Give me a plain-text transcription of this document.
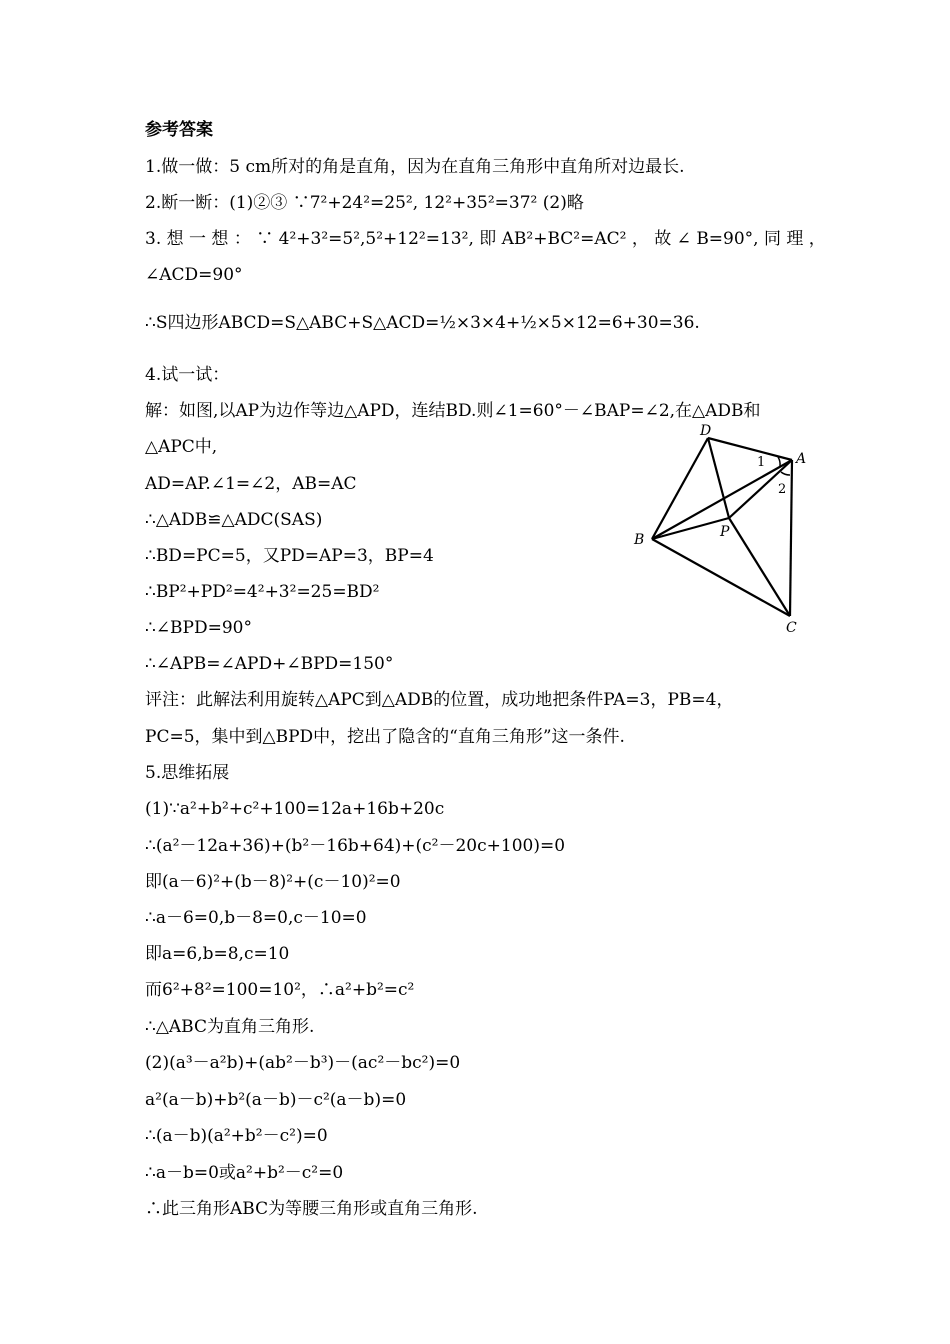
参考答案
1.做一做：5 cm所对的角是直角，因为在直角三角形中直角所对边最长.
2.断一断：(1)②③ ∵7²+24²=25², 12²+35²=37² (2)略
3. 想 一 想 ： ∵ 4²+3²=5²,5²+12²=13², 即 AB²+BC²=AC² ， 故 ∠ B=90°, 同 理 ，
∠ACD=90°
∴S四边形ABCD=S△ABC+S△ACD=½×3×4+½×5×12=6+30=36.
4.试一试：
解：如图,以AP为边作等边△APD，连结BD.则∠1=60°－∠BAP=∠2,在△ADB和
△APC中,
AD=AP.∠1=∠2，AB=AC
∴△ADB≌△ADC(SAS)
∴BD=PC=5，又PD=AP=3，BP=4
∴BP²+PD²=4²+3²=25=BD²
∴∠BPD=90°
∴∠APB=∠APD+∠BPD=150°
评注：此解法利用旋转△APC到△ADB的位置，成功地把条件PA=3，PB=4，
PC=5，集中到△BPD中，挖出了隐含的“直角三角形”这一条件.
5.思维拓展
(1)∵a²+b²+c²+100=12a+16b+20c
∴(a²－12a+36)+(b²－16b+64)+(c²－20c+100)=0
即(a－6)²+(b－8)²+(c－10)²=0
∴a－6=0,b－8=0,c－10=0
即a=6,b=8,c=10
而6²+8²=100=10²，∴a²+b²=c²
∴△ABC为直角三角形.
(2)(a³－a²b)+(ab²－b³)－(ac²－bc²)=0
a²(a－b)+b²(a－b)－c²(a－b)=0
∴(a－b)(a²+b²－c²)=0
∴a－b=0或a²+b²－c²=0
∴此三角形ABC为等腰三角形或直角三角形.
D
A
B	P
C
1
2
